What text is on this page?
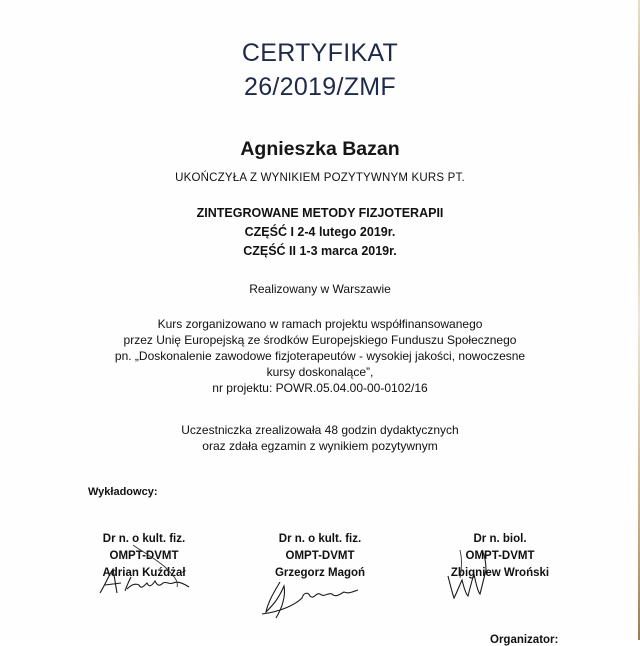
CERTYFIKAT
26/2019/ZMF
Agnieszka Bazan
UKOŃCZYŁA Z WYNIKIEM POZYTYWNYM KURS PT.
ZINTEGROWANE METODY FIZJOTERAPII
CZĘŚĆ I 2-4 lutego 2019r.
CZĘŚĆ II 1-3 marca 2019r.
Realizowany w Warszawie
Kurs zorganizowano w ramach projektu współfinansowanego
przez Unię Europejską ze środków Europejskiego Funduszu Społecznego
pn. „Doskonalenie zawodowe fizjoterapeutów - wysokiej jakości, nowoczesne
kursy doskonalące”,
nr projektu: POWR.05.04.00-00-0102/16
Uczestniczka zrealizowała 48 godzin dydaktycznych
oraz zdała egzamin z wynikiem pozytywnym
Wykładowcy:
Dr n. o kult. fiz.
OMPT-DVMT
Adrian Kuźdżał
Dr n. o kult. fiz.
OMPT-DVMT
Grzegorz Magoń
Dr n. biol.
OMPT-DVMT
Zbigniew Wroński
Organizator:
